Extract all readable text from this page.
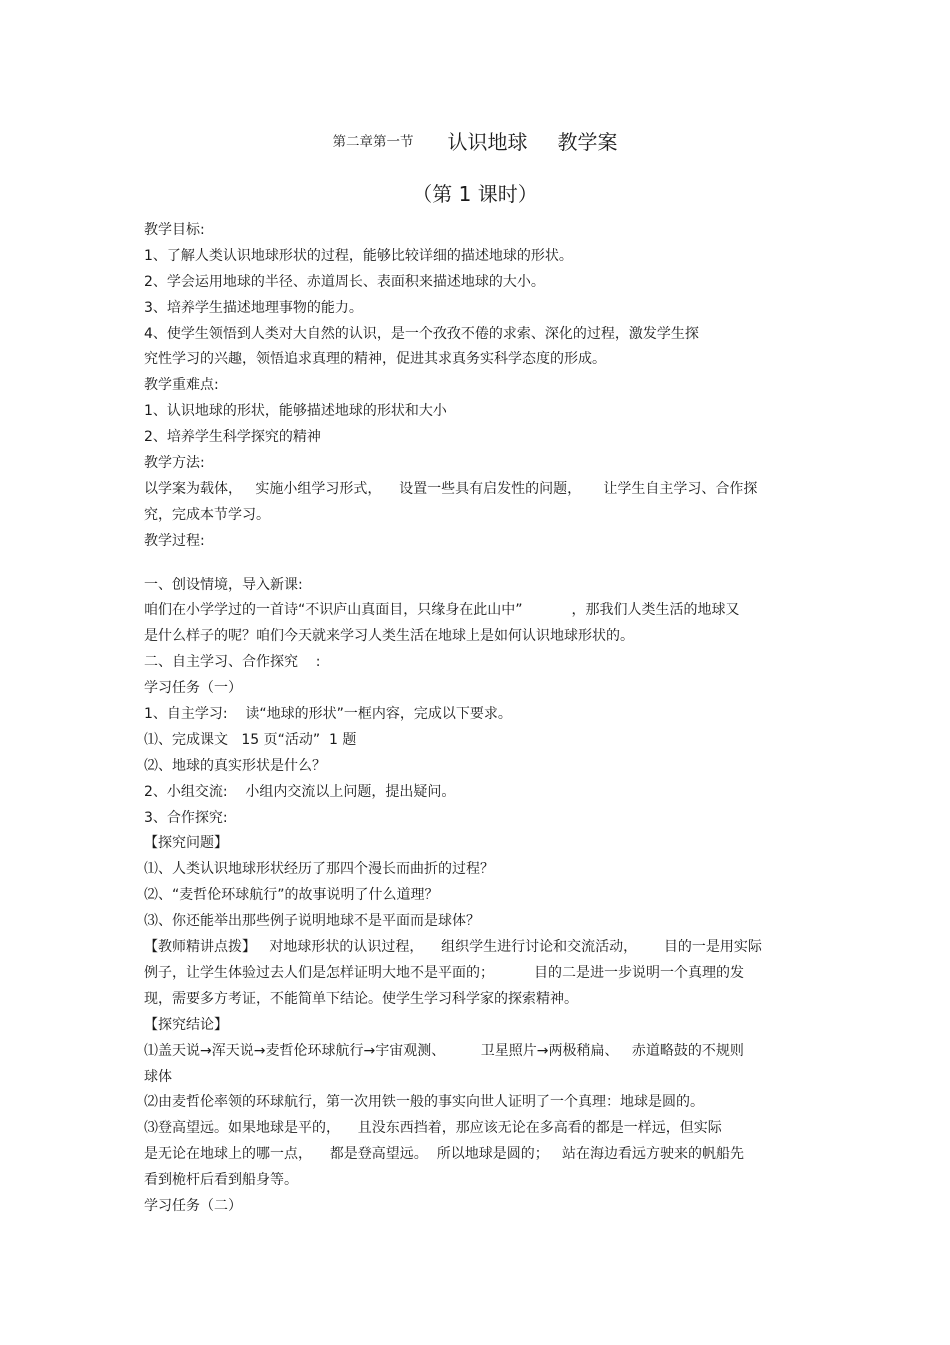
第二章第一节 认识地球 教学案
（第 1 课时）
教学目标:
1、了解人类认识地球形状的过程，能够比较详细的描述地球的形状。
2、学会运用地球的半径、赤道周长、表面积来描述地球的大小。
3、培养学生描述地理事物的能力。
4、使学生领悟到人类对大自然的认识，是一个孜孜不倦的求索、深化的过程，激发学生探
究性学习的兴趣，领悟追求真理的精神，促进其求真务实科学态度的形成。
教学重难点:
1、认识地球的形状，能够描述地球的形状和大小
2、培养学生科学探究的精神
教学方法:
以学案为载体，   实施小组学习形式，    设置一些具有启发性的问题，     让学生自主学习、合作探
究，完成本节学习。
教学过程:
一、创设情境，导入新课:
咱们在小学学过的一首诗“不识庐山真面目，只缘身在此山中”           ，那我们人类生活的地球又
是什么样子的呢？咱们今天就来学习人类生活在地球上是如何认识地球形状的。
二、自主学习、合作探究    :
学习任务（一）
1、自主学习:    读“地球的形状”一框内容，完成以下要求。
⑴、完成课文   15 页“活动”  1 题
⑵、地球的真实形状是什么？
2、小组交流:    小组内交流以上问题，提出疑问。
3、合作探究:
【探究问题】
⑴、人类认识地球形状经历了那四个漫长而曲折的过程？
⑵、“麦哲伦环球航行”的故事说明了什么道理？
⑶、你还能举出那些例子说明地球不是平面而是球体？
【教师精讲点拨】   对地球形状的认识过程，    组织学生进行讨论和交流活动，      目的一是用实际
例子，让学生体验过去人们是怎样证明大地不是平面的；         目的二是进一步说明一个真理的发
现，需要多方考证，不能简单下结论。使学生学习科学家的探索精神。
【探究结论】
⑴盖天说→浑天说→麦哲伦环球航行→宇宙观测、        卫星照片→两极稍扁、   赤道略鼓的不规则
球体
⑵由麦哲伦率领的环球航行，第一次用铁一般的事实向世人证明了一个真理：地球是圆的。
⑶登高望远。如果地球是平的，    且没东西挡着，那应该无论在多高看的都是一样远，但实际
是无论在地球上的哪一点，    都是登高望远。  所以地球是圆的；   站在海边看远方驶来的帆船先
看到桅杆后看到船身等。
学习任务（二）
